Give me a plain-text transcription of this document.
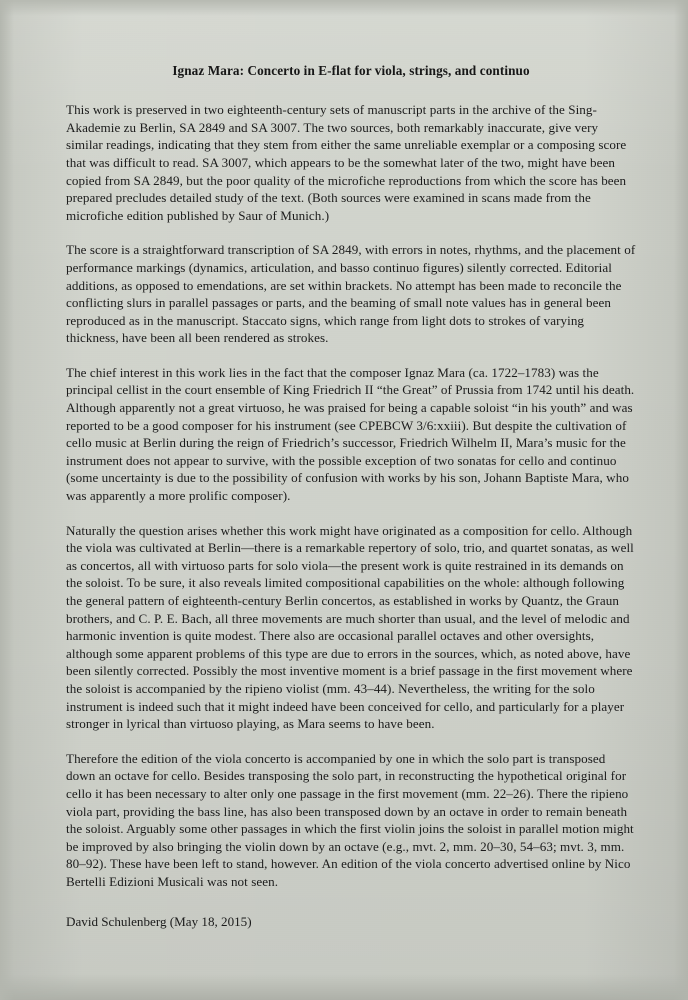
Ignaz Mara: Concerto in E-flat for viola, strings, and continuo

This work is preserved in two eighteenth-century sets of manuscript parts in the archive of the Sing-Akademie zu Berlin, SA 2849 and SA 3007. The two sources, both remarkably inaccurate, give very similar readings, indicating that they stem from either the same unreliable exemplar or a composing score that was difficult to read. SA 3007, which appears to be the somewhat later of the two, might have been copied from SA 2849, but the poor quality of the microfiche reproductions from which the score has been prepared precludes detailed study of the text. (Both sources were examined in scans made from the microfiche edition published by Saur of Munich.)

The score is a straightforward transcription of SA 2849, with errors in notes, rhythms, and the placement of performance markings (dynamics, articulation, and basso continuo figures) silently corrected. Editorial additions, as opposed to emendations, are set within brackets. No attempt has been made to reconcile the conflicting slurs in parallel passages or parts, and the beaming of small note values has in general been reproduced as in the manuscript. Staccato signs, which range from light dots to strokes of varying thickness, have been all been rendered as strokes.

The chief interest in this work lies in the fact that the composer Ignaz Mara (ca. 1722–1783) was the principal cellist in the court ensemble of King Friedrich II “the Great” of Prussia from 1742 until his death. Although apparently not a great virtuoso, he was praised for being a capable soloist “in his youth” and was reported to be a good composer for his instrument (see CPEBCW 3/6:xxiii). But despite the cultivation of cello music at Berlin during the reign of Friedrich’s successor, Friedrich Wilhelm II, Mara’s music for the instrument does not appear to survive, with the possible exception of two sonatas for cello and continuo (some uncertainty is due to the possibility of confusion with works by his son, Johann Baptiste Mara, who was apparently a more prolific composer).

Naturally the question arises whether this work might have originated as a composition for cello. Although the viola was cultivated at Berlin—there is a remarkable repertory of solo, trio, and quartet sonatas, as well as concertos, all with virtuoso parts for solo viola—the present work is quite restrained in its demands on the soloist. To be sure, it also reveals limited compositional capabilities on the whole: although following the general pattern of eighteenth-century Berlin concertos, as established in works by Quantz, the Graun brothers, and C. P. E. Bach, all three movements are much shorter than usual, and the level of melodic and harmonic invention is quite modest. There also are occasional parallel octaves and other oversights, although some apparent problems of this type are due to errors in the sources, which, as noted above, have been silently corrected. Possibly the most inventive moment is a brief passage in the first movement where the soloist is accompanied by the ripieno violist (mm. 43–44). Nevertheless, the writing for the solo instrument is indeed such that it might indeed have been conceived for cello, and particularly for a player stronger in lyrical than virtuoso playing, as Mara seems to have been.

Therefore the edition of the viola concerto is accompanied by one in which the solo part is transposed down an octave for cello. Besides transposing the solo part, in reconstructing the hypothetical original for cello it has been necessary to alter only one passage in the first movement (mm. 22–26). There the ripieno viola part, providing the bass line, has also been transposed down by an octave in order to remain beneath the soloist. Arguably some other passages in which the first violin joins the soloist in parallel motion might be improved by also bringing the violin down by an octave (e.g., mvt. 2, mm. 20–30, 54–63; mvt. 3, mm. 80–92). These have been left to stand, however. An edition of the viola concerto advertised online by Nico Bertelli Edizioni Musicali was not seen.

David Schulenberg (May 18, 2015)
